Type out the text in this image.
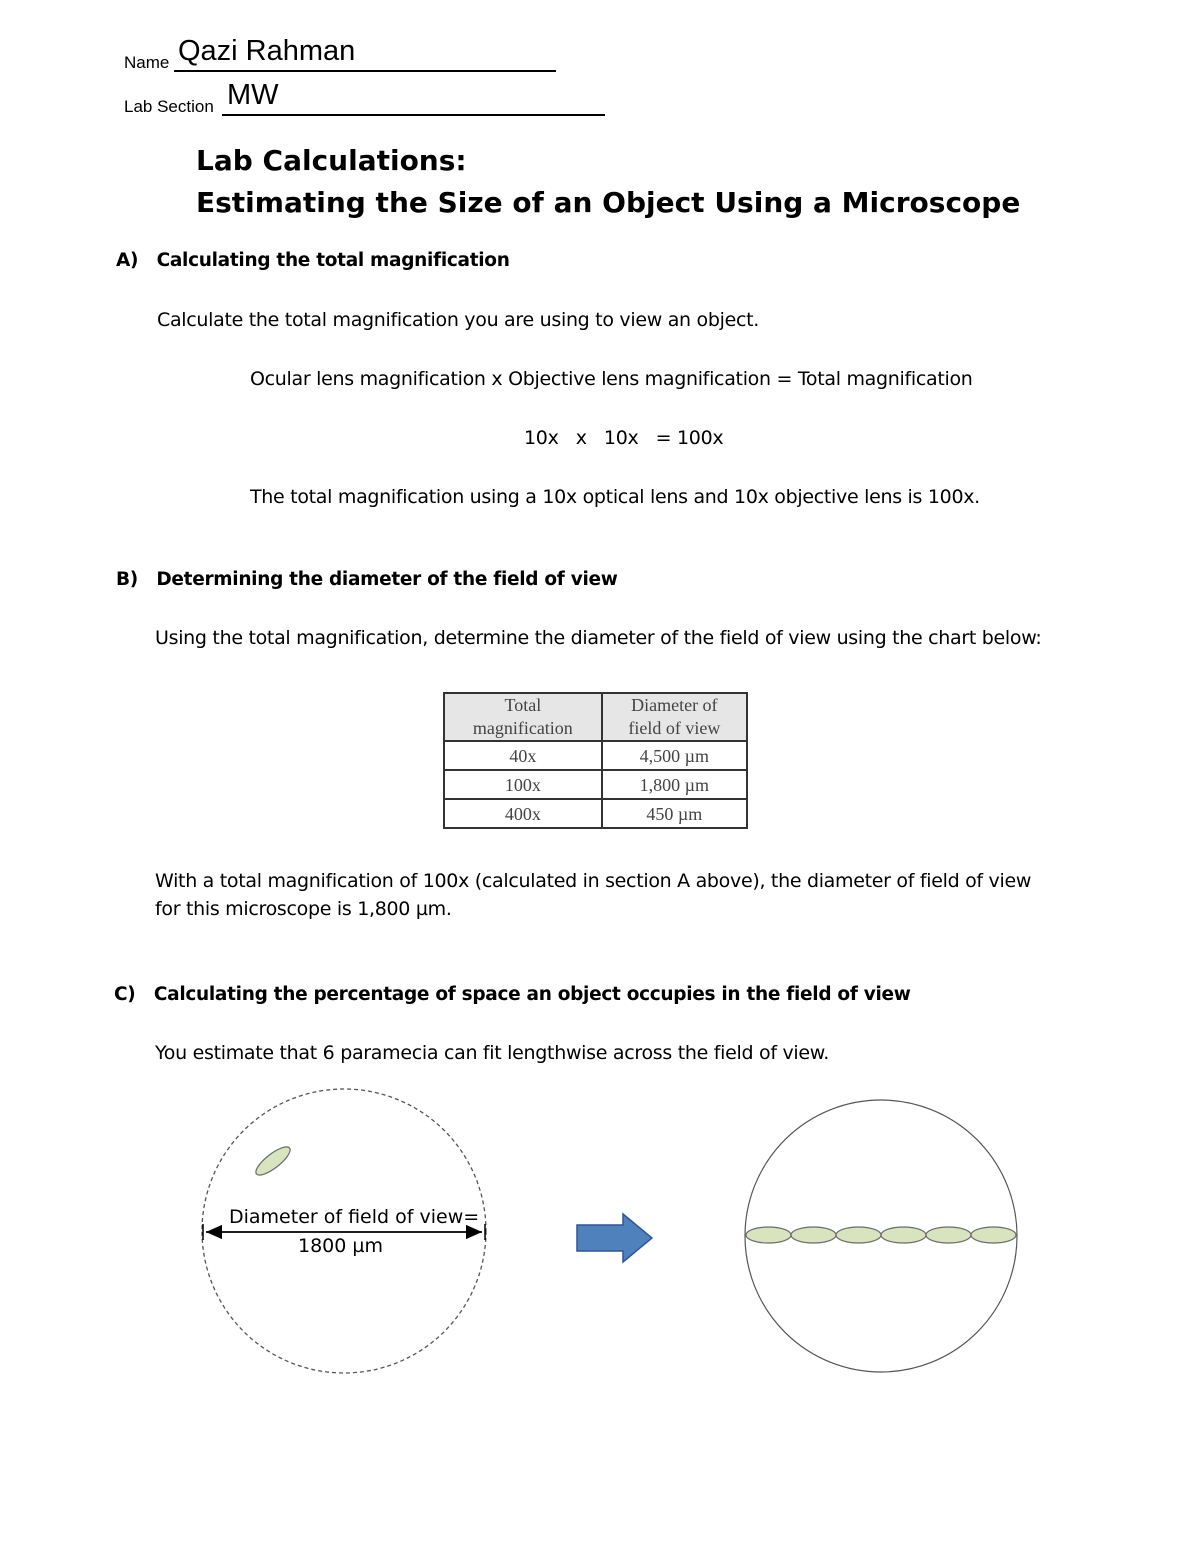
Name Qazi Rahman
Lab Section MW
Lab Calculations:
Estimating the Size of an Object Using a Microscope
A)   Calculating the total magnification
Calculate the total magnification you are using to view an object.
Ocular lens magnification x Objective lens magnification = Total magnification
10x   x   10x   = 100x
The total magnification using a 10x optical lens and 10x objective lens is 100x.
B)   Determining the diameter of the field of view
Using the total magnification, determine the diameter of the field of view using the chart below:
Total
magnification	Diameter of
field of view
40x	4,500 µm
100x	1,800 µm
400x	450 µm
With a total magnification of 100x (calculated in section A above), the diameter of field of view
for this microscope is 1,800 µm.
C)   Calculating the percentage of space an object occupies in the field of view
You estimate that 6 paramecia can fit lengthwise across the field of view.
Diameter of field of view=
1800 µm
